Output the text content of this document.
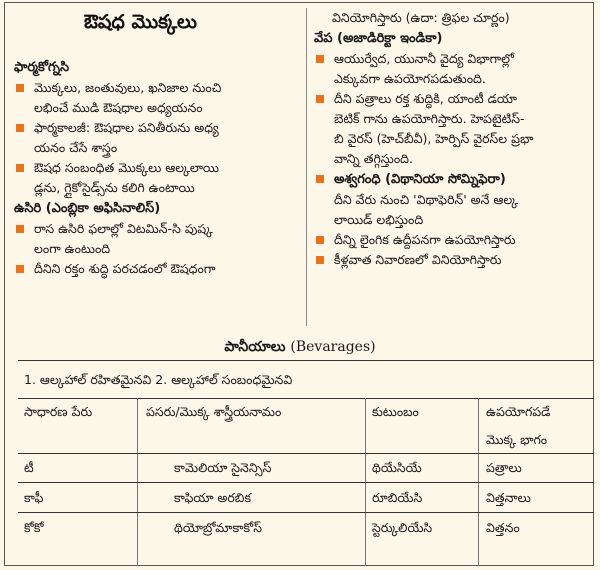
ఔషధ మొక్కలు
ఫార్మకోగ్నసి
మొక్కలు, జంతువులు, ఖనిజాల నుంచి
లభించే ముడి ఔషధాల అధ్యయనం
ఫార్మకాలజీ: ఔషధాల పనితీరును అధ్య
యనం చేసే శాస్త్రం
ఔషధ సంబంధిత మొక్కలు ఆల్కలాయి
డ్లను, గ్లైకోసైడ్స్‌ను కలిగి ఉంటాయి
ఉసిరి (ఎంబ్లికా అఫిసినాలిస్)
రాస ఉసిరి ఫలాల్లో విటమిన్-సి పుష్క
లంగా ఉంటుంది
దీనిని రక్తం శుద్ధి పరచడంలో ఔషధంగా
వినియోగిస్తారు (ఉదా: త్రిఫల చూర్ణం)
వేప (అజాడిరిక్టా ఇండికా)
ఆయుర్వేద, యునానీ వైద్య విభాగాల్లో
ఎక్కువగా ఉపయోగపడుతుంది.
దీని పత్రాలు రక్త శుద్ధికి, యాంటీ డయా
బెటిక్ గాను ఉపయోగిస్తారు. హెపటైటిస్-
బి వైరస్ (హెచ్‌బీవీ), హెర్పిస్ వైరస్‌ల ప్రభా
వాన్ని తగ్గిస్తుంది.
అశ్వగంధి (విథానియా సోమ్నిఫెరా)
దీని వేరు నుంచి 'విథాఫెరిన్' అనే ఆల్క
లాయిడ్ లభిస్తుంది
దీన్ని లైంగిక ఉద్దీపనగా ఉపయోగిస్తారు
కీళ్లవాత నివారణలో వినియోగిస్తారు
పానీయాలు (Bevarages)
1. ఆల్కహాల్ రహితమైనవి 2. ఆల్కహాల్ సంబంధమైనవి
సాధారణ పేరు	పసరు/మొక్క శాస్త్రీయనామం	కుటుంబం	ఉపయోగపడే
మొక్క భాగం
టీ	కామెలియా సైనెన్సిస్	థియేసియే	పత్రాలు
కాఫీ	కాఫియా అరబిక	రూబియేసి	విత్తనాలు
కోకో	థియోబ్రోమాకాకోస్	స్టెర్కులియేసి	విత్తనం
